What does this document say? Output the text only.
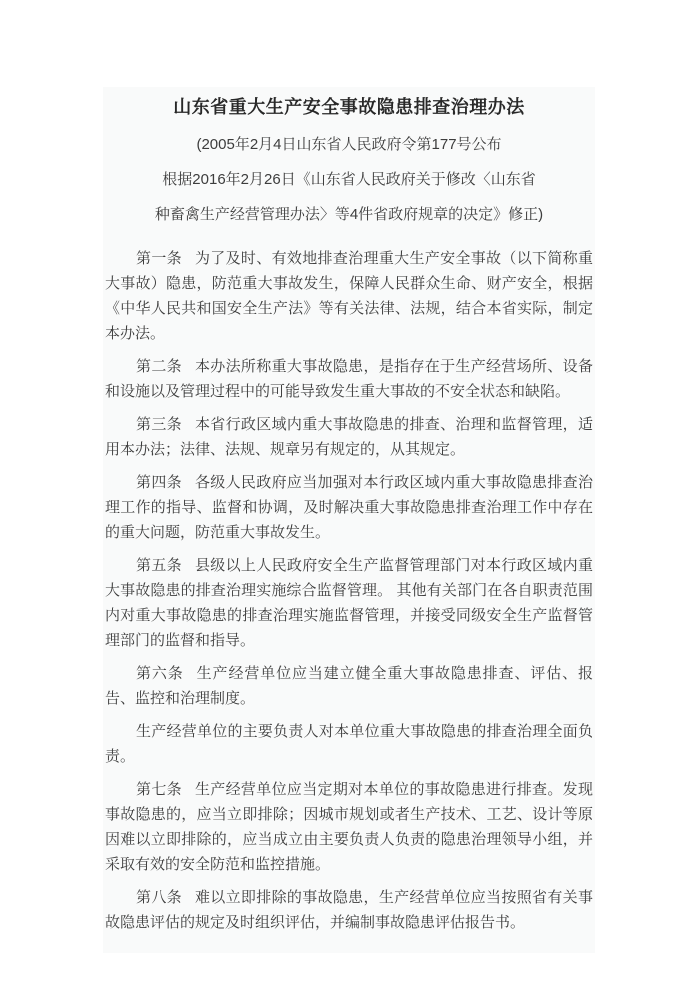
山东省重大生产安全事故隐患排查治理办法
(2005年2月4日山东省人民政府令第177号公布
根据2016年2月26日《山东省人民政府关于修改〈山东省
种畜禽生产经营管理办法〉等4件省政府规章的决定》修正)

第一条 为了及时、有效地排查治理重大生产安全事故（以下简称重大事故）隐患，防范重大事故发生，保障人民群众生命、财产安全，根据《中华人民共和国安全生产法》等有关法律、法规，结合本省实际，制定本办法。

第二条 本办法所称重大事故隐患，是指存在于生产经营场所、设备和设施以及管理过程中的可能导致发生重大事故的不安全状态和缺陷。

第三条 本省行政区域内重大事故隐患的排查、治理和监督管理，适用本办法；法律、法规、规章另有规定的，从其规定。

第四条 各级人民政府应当加强对本行政区域内重大事故隐患排查治理工作的指导、监督和协调，及时解决重大事故隐患排查治理工作中存在的重大问题，防范重大事故发生。

第五条 县级以上人民政府安全生产监督管理部门对本行政区域内重大事故隐患的排查治理实施综合监督管理。 其他有关部门在各自职责范围内对重大事故隐患的排查治理实施监督管理，并接受同级安全生产监督管理部门的监督和指导。

第六条 生产经营单位应当建立健全重大事故隐患排查、评估、报告、监控和治理制度。

生产经营单位的主要负责人对本单位重大事故隐患的排查治理全面负责。

第七条 生产经营单位应当定期对本单位的事故隐患进行排查。发现事故隐患的，应当立即排除；因城市规划或者生产技术、工艺、设计等原因难以立即排除的，应当成立由主要负责人负责的隐患治理领导小组，并采取有效的安全防范和监控措施。

第八条 难以立即排除的事故隐患，生产经营单位应当按照省有关事故隐患评估的规定及时组织评估，并编制事故隐患评估报告书。
